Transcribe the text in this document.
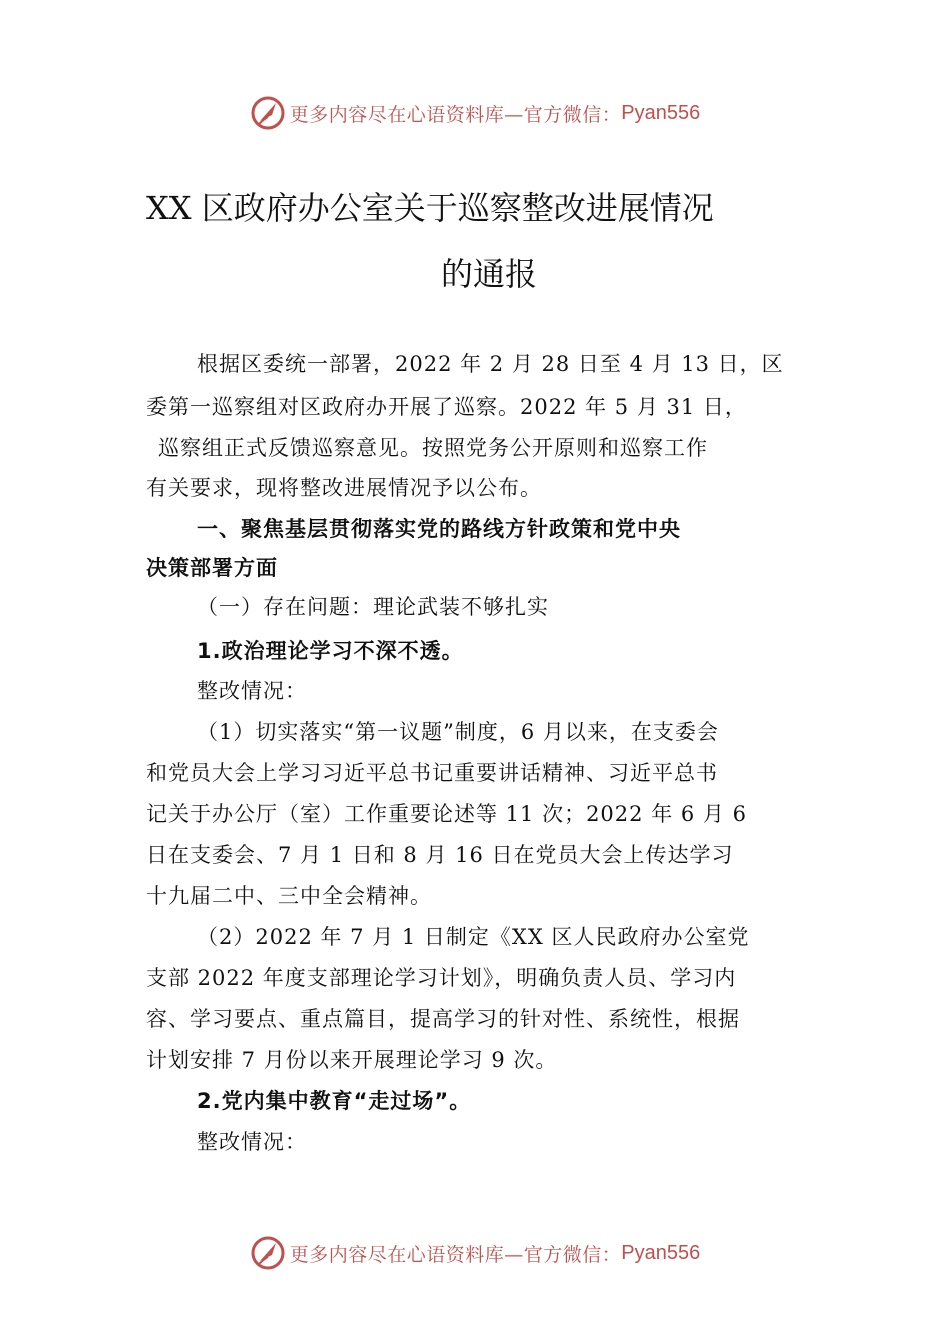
更多内容尽在心语资料库—官方微信： Pyan556
XX 区政府办公室关于巡察整改进展情况
的通报
根据区委统一部署，2022 年 2 月 28 日至 4 月 13 日，区
委第一巡察组对区政府办开展了巡察。2022 年 5 月 31 日，
巡察组正式反馈巡察意见。按照党务公开原则和巡察工作
有关要求，现将整改进展情况予以公布。
一、聚焦基层贯彻落实党的路线方针政策和党中央
决策部署方面
（一）存在问题：理论武装不够扎实
1.政治理论学习不深不透。
整改情况：
（1）切实落实“第一议题”制度，6 月以来，在支委会
和党员大会上学习习近平总书记重要讲话精神、习近平总书
记关于办公厅（室）工作重要论述等 11 次；2022 年 6 月 6
日在支委会、7 月 1 日和 8 月 16 日在党员大会上传达学习
十九届二中、三中全会精神。
（2）2022 年 7 月 1 日制定《XX 区人民政府办公室党
支部 2022 年度支部理论学习计划》，明确负责人员、学习内
容、学习要点、重点篇目，提高学习的针对性、系统性，根据
计划安排 7 月份以来开展理论学习 9 次。
2.党内集中教育“走过场”。
整改情况：
更多内容尽在心语资料库—官方微信： Pyan556
